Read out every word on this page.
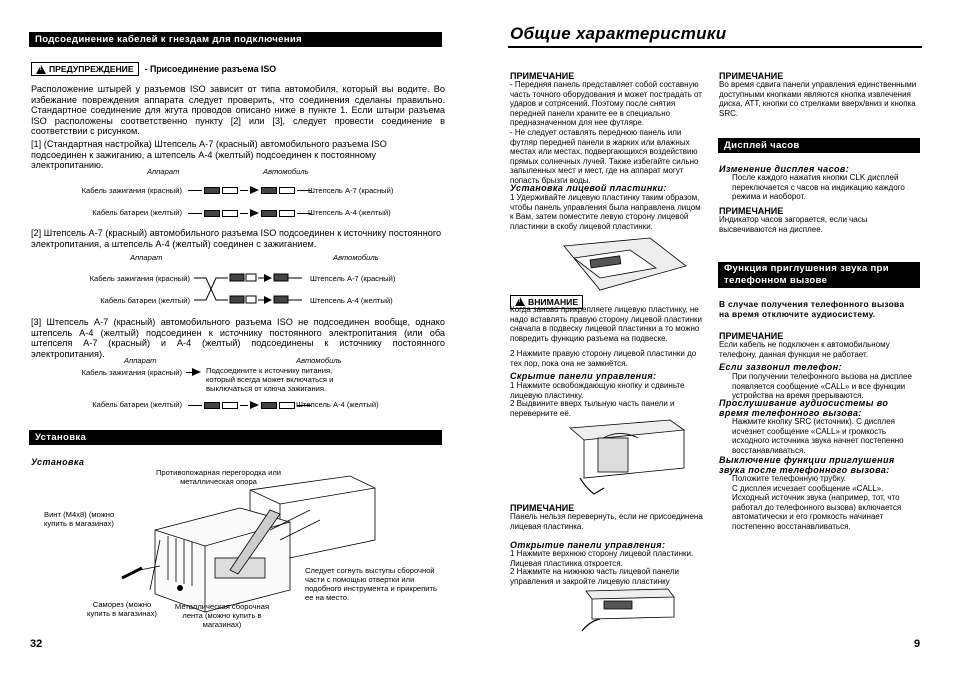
Подсоединение кабелей к гнездам для подключения
!
ПРЕДУПРЕЖДЕНИЕ - Присоединение разъема ISO
Расположение штырей у разъемов ISO зависит от типа автомобиля, который вы водите. Во избежание повреждения аппарата следует проверить, что соединения сделаны правильно. Стандартное соединение для жгута проводов описано ниже в пункте 1. Если штыри разъема ISO расположены соответственно пункту [2] или [3], следует провести соединение в соответствии с рисунком.
[1] (Стандартная настройка) Штепсель A-7 (красный) автомобильного разъема ISO подсоединен к зажиганию, а штепсель A-4 (желтый) подсоединен к постоянному электропитанию.
Аппарат	Автомобиль
Кабель зажигания (красный)
Кабель батареи (желтый)
Штепсель A-7 (красный)
Штепсель A-4 (желтый)
[2] Штепсель A-7 (красный) автомобильного разъема ISO подсоединен к источнику постоянного электропитания, а штепсель A-4 (желтый) соединен с зажиганием.
Аппарат	Автомобиль
Кабель зажигания (красный)
Кабель батареи (желтый)
Штепсель A-7 (красный)
Штепсель A-4 (желтый)
[3] Штепсель A-7 (красный) автомобильного разъема ISO не подсоединен вообще, однако штепсель A-4 (желтый) подсоединен к источнику постоянного электропитания (или оба штепселя A-7 (красный) и A-4 (желтый) подсоединены к источнику постоянного электропитания).
Аппарат	Автомобиль
Кабель зажигания (красный)	Подсоедините к источнику питания, который всегда может включаться и выключаться от ключа зажигания.
Кабель батареи (желтый)	Штепсель A-4 (желтый)
Установка
Установка
Противопожарная перегородка или металлическая опора
Винт (M4x8) (можно купить в магазинах)
Следует согнуть выступы сборочной части с помощью отвертки или подобного инструмента и прикрепить ее на место.
Саморез (можно купить в магазинах)
Металлическая сборочная лента (можно купить в магазинах)
32
Общие характеристики
ПРИМЕЧАНИЕ
- Передняя панель представляет собой составную часть точного оборудования и может пострадать от ударов и сотрясений. Поэтому после снятия передней панели храните ее в специально предназначенном для нее футляре.
- Не следует оставлять переднюю панель или футляр передней панели в жарких или влажных местах или местах, подвергающихся воздействию прямых солнечных лучей. Также избегайте сильно запыленных мест и мест, где на аппарат могут попасть брызги воды.
Установка лицевой пластинки:
1 Удерживайте лицевую пластинку таким образом, чтобы панель управления была направлена лицом к Вам, затем поместите левую сторону лицевой пластинки в скобу лицевой пластинки.
!
ВНИМАНИЕ
Когда заново прикрепляете лицевую пластинку, не надо вставлять правую сторону лицевой пластинки сначала в подвеску лицевой пластинки а то можно повредить функцию разъема на подвеске.
2 Нажмите правую сторону лицевой пластинки до тех пор, пока она не замкнётся.
Скрытие панели управления:
1 Нажмите освобождающую кнопку и сдвиньте лицевую пластинку.
2 Выдвините вверх тыльную часть панели и переверните её.
ПРИМЕЧАНИЕ
Панель нельзя перевернуть, если не присоединена лицевая пластинка.
Открытие панели управления:
1 Нажмите верхнюю сторону лицевой пластинки. Лицевая пластинка откроется.
2 Нажмите на нижнюю часть лицевой панели управления и закройте лицевую пластинку
ПРИМЕЧАНИЕ
Во время сдвига панели управления единственными доступными кнопками являются кнопка извлечения диска, ATT, кнопки со стрелками вверх/вниз и кнопка SRC.
Дисплей часов
Изменение дисплея часов:
После каждого нажатия кнопки CLK дисплей переключается с часов на индикацию каждого режима и наоборот.
ПРИМЕЧАНИЕ
Индикатор часов загорается, если часы высвечиваются на дисплее.
Функция приглушения звука при телефонном вызове
В случае получения телефонного вызова на время отключите аудиосистему.
ПРИМЕЧАНИЕ
Если кабель не подключен к автомобильному телефону, данная функция не работает.
Если зазвонил телефон:
При получении телефонного вызова на дисплее появляется сообщение «CALL» и все функции устройства на время прерываются.
Прослушивание аудиосистемы во время телефонного вызова:
Нажмите кнопку SRC (источник). С дисплея исчезнет сообщение «CALL» и громкость исходного источника звука начнет постепенно восстанавливаться.
Выключение функции приглушения звука после телефонного вызова:
Положите телефонную трубку.
С дисплея исчезает сообщение «CALL». Исходный источник звука (например, тот, что работал до телефонного вызова) включается автоматически и его громкость начинает постепенно восстанавливаться.
9
